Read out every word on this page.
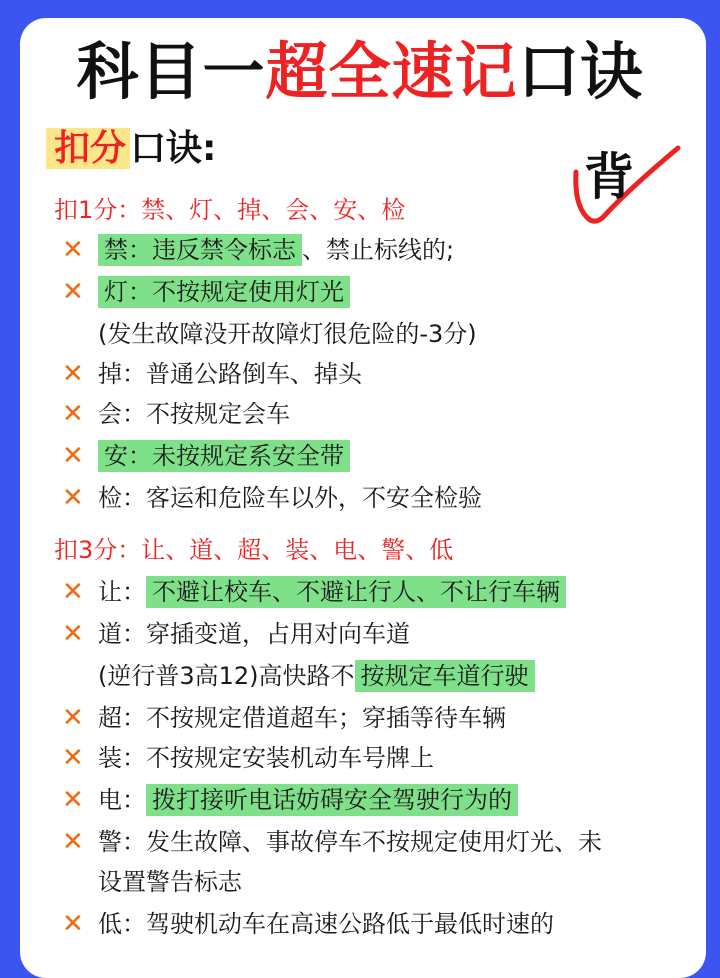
科目一超全速记口诀
扣分 口诀:	背
扣1分：禁、灯、掉、会、安、检
✕ 禁：违反禁令标志 、禁止标线的;
✕ 灯：不按规定使用灯光
(发生故障没开故障灯很危险的-3分)
✕ 掉：普通公路倒车、掉头
✕ 会：不按规定会车
✕ 安：未按规定系安全带
✕ 检：客运和危险车以外，不安全检验
扣3分：让、道、超、装、电、警、低
✕ 让： 不避让校车、不避让行人、不让行车辆
✕ 道：穿插变道，占用对向车道
(逆行普3高12)高快路不 按规定车道行驶
✕ 超：不按规定借道超车；穿插等待车辆
✕ 装：不按规定安装机动车号牌上
✕ 电： 拨打接听电话妨碍安全驾驶行为的
✕ 警：发生故障、事故停车不按规定使用灯光、未
设置警告标志
✕ 低：驾驶机动车在高速公路低于最低时速的
